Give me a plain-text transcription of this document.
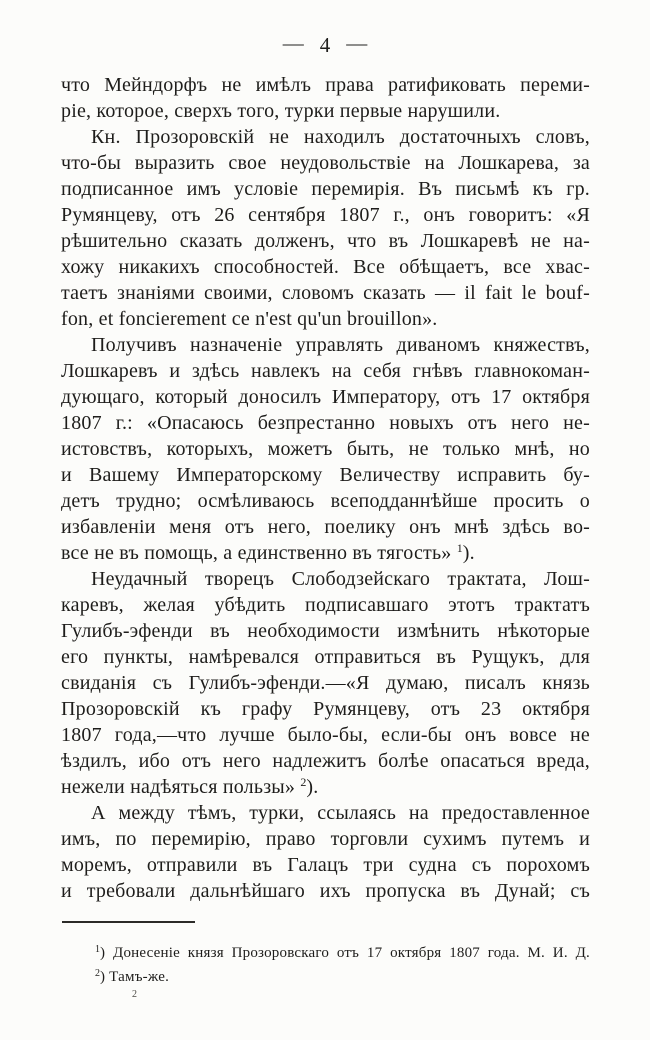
— 4 —
что Мейндорфъ не имѣлъ права ратификовать переми-
ріе, которое, сверхъ того, турки первые нарушили.
Кн. Прозоровскій не находилъ достаточныхъ словъ,
что-бы выразить свое неудовольствіе на Лошкарева, за
подписанное имъ условіе перемирія. Въ письмѣ къ гр.
Румянцеву, отъ 26 сентября 1807 г., онъ говоритъ: «Я
рѣшительно сказать долженъ, что въ Лошкаревѣ не на-
хожу никакихъ способностей. Все обѣщаетъ, все хвас-
таетъ знаніями своими, словомъ сказать — il fait le bouf-
fon, et foncierement ce n'est qu'un brouillon».
Получивъ назначеніе управлять диваномъ княжествъ,
Лошкаревъ и здѣсь навлекъ на себя гнѣвъ главнокоман-
дующаго, который доносилъ Императору, отъ 17 октября
1807 г.: «Опасаюсь безпрестанно новыхъ отъ него не-
истовствъ, которыхъ, можетъ быть, не только мнѣ, но
и Вашему Императорскому Величеству исправить бу-
детъ трудно; осмѣливаюсь всеподданнѣйше просить о
избавленіи меня отъ него, поелику онъ мнѣ здѣсь во-
все не въ помощь, а единственно въ тягость» $^1$).
Неудачный творецъ Слободзейскаго трактата, Лош-
каревъ, желая убѣдить подписавшаго этотъ трактатъ
Гулибъ-эфенди въ необходимости измѣнить нѣкоторые
его пункты, намѣревался отправиться въ Рущукъ, для
свиданія съ Гулибъ-эфенди.—«Я думаю, писалъ князь
Прозоровскій къ графу Румянцеву, отъ 23 октября
1807 года,—что лучше было-бы, если-бы онъ вовсе не
ѣздилъ, ибо отъ него надлежитъ болѣе опасаться вреда,
нежели надѣяться пользы» $^2$).
А между тѣмъ, турки, ссылаясь на предоставленное
имъ, по перемирію, право торговли сухимъ путемъ и
моремъ, отправили въ Галацъ три судна съ порохомъ
и требовали дальнѣйшаго ихъ пропуска въ Дунай; съ
$^1$) Донесеніе князя Прозоровскаго отъ 17 октября 1807 года. М. И. Д.
$^2$) Тамъ-же.
2
